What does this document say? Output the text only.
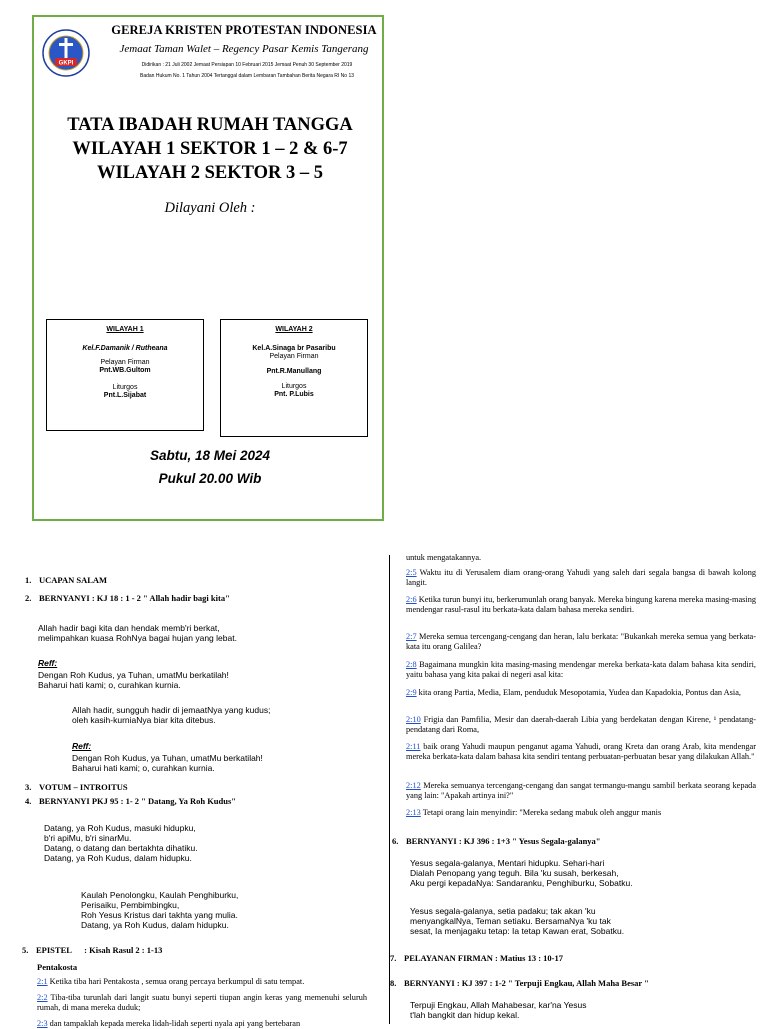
GKPI
GEREJA KRISTEN PROTESTAN INDONESIA
Jemaat Taman Walet – Regency Pasar Kemis Tangerang
Didirikan : 21 Juli 2002 Jemaat Persiapan 10 Februari 2015 Jemaat Penuh 30 September 2019
Badan Hukum No. 1 Tahun 2004 Tertanggal dalam Lembaran Tambahan Berita Negara RI No 13
TATA IBADAH RUMAH TANGGA
WILAYAH 1 SEKTOR 1 – 2 & 6-7
WILAYAH 2 SEKTOR 3 – 5
Dilayani Oleh :
WILAYAH 1
Kel.F.Damanik / Rutheana
Pelayan Firman
Pnt.WB.Gultom
Liturgos
Pnt.L.Sijabat
WILAYAH 2
Kel.A.Sinaga br Pasaribu
Pelayan Firman
Pnt.R.Manullang
Liturgos
Pnt. P.Lubis
Sabtu, 18 Mei 2024
Pukul 20.00 Wib
1. UCAPAN SALAM
2. BERNYANYI : KJ 18 : 1 - 2 " Allah hadir bagi kita"
Allah hadir bagi kita dan hendak memb'ri berkat,
melimpahkan kuasa RohNya bagai hujan yang lebat.
Reff:
Dengan Roh Kudus, ya Tuhan, umatMu berkatilah!
Baharui hati kami; o, curahkan kurnia.
Allah hadir, sungguh hadir di jemaatNya yang kudus;
oleh kasih-kurniaNya biar kita ditebus.
Reff:
Dengan Roh Kudus, ya Tuhan, umatMu berkatilah!
Baharui hati kami; o, curahkan kurnia.
3. VOTUM – INTROITUS
4. BERNYANYI PKJ 95 : 1- 2 " Datang, Ya Roh Kudus"
Datang, ya Roh Kudus, masuki hidupku,
b'ri apiMu, b'ri sinarMu.
Datang, o datang dan bertakhta dihatiku.
Datang, ya Roh Kudus, dalam hidupku.
Kaulah Penolongku, Kaulah Penghiburku,
Perisaiku, Pembimbingku,
Roh Yesus Kristus dari takhta yang mulia.
Datang, ya Roh Kudus, dalam hidupku.
5. EPISTEL      : Kisah Rasul 2 : 1-13
Pentakosta
2:1 Ketika tiba hari Pentakosta , semua orang percaya berkumpul di satu tempat.
2:2 Tiba-tiba turunlah dari langit suatu bunyi seperti tiupan angin keras yang memenuhi seluruh rumah, di mana mereka duduk;
2:3 dan tampaklah kepada mereka lidah-lidah seperti nyala api yang bertebaran
untuk mengatakannya.
2:5 Waktu itu di Yerusalem diam orang-orang Yahudi yang saleh dari segala bangsa di bawah kolong langit.
2:6 Ketika turun bunyi itu, berkerumunlah orang banyak. Mereka bingung karena mereka masing-masing mendengar rasul-rasul itu berkata-kata dalam bahasa mereka sendiri.
2:7 Mereka semua tercengang-cengang dan heran, lalu berkata: "Bukankah mereka semua yang berkata-kata itu orang Galilea?
2:8 Bagaimana mungkin kita masing-masing mendengar mereka berkata-kata dalam bahasa kita sendiri, yaitu bahasa yang kita pakai di negeri asal kita:
2:9 kita orang Partia, Media, Elam, penduduk Mesopotamia, Yudea dan Kapadokia, Pontus dan Asia,
2:10 Frigia dan Pamfilia, Mesir dan daerah-daerah Libia yang berdekatan dengan Kirene, ¹ pendatang-pendatang dari Roma,
2:11 baik orang Yahudi maupun penganut agama Yahudi, orang Kreta dan orang Arab, kita mendengar mereka berkata-kata dalam bahasa kita sendiri tentang perbuatan-perbuatan besar yang dilakukan Allah."
2:12 Mereka semuanya tercengang-cengang dan sangat termangu-mangu sambil berkata seorang kepada yang lain: "Apakah artinya ini?"
2:13 Tetapi orang lain menyindir: "Mereka sedang mabuk oleh anggur manis
6. BERNYANYI : KJ 396 : 1+3 " Yesus Segala-galanya"
Yesus segala-galanya, Mentari hidupku. Sehari-hari
Dialah Penopang yang teguh. Bila 'ku susah, berkesah,
Aku pergi kepadaNya: Sandaranku, Penghiburku, Sobatku.
Yesus segala-galanya, setia padaku; tak akan 'ku
menyangkalNya, Teman setiaku. BersamaNya 'ku tak
sesat, Ia menjagaku tetap: Ia tetap Kawan erat, Sobatku.
7. PELAYANAN FIRMAN : Matius 13 : 10-17
8. BERNYANYI : KJ 397 : 1-2 " Terpuji Engkau, Allah Maha Besar "
Terpuji Engkau, Allah Mahabesar, kar'na Yesus
t'lah bangkit dan hidup kekal.
